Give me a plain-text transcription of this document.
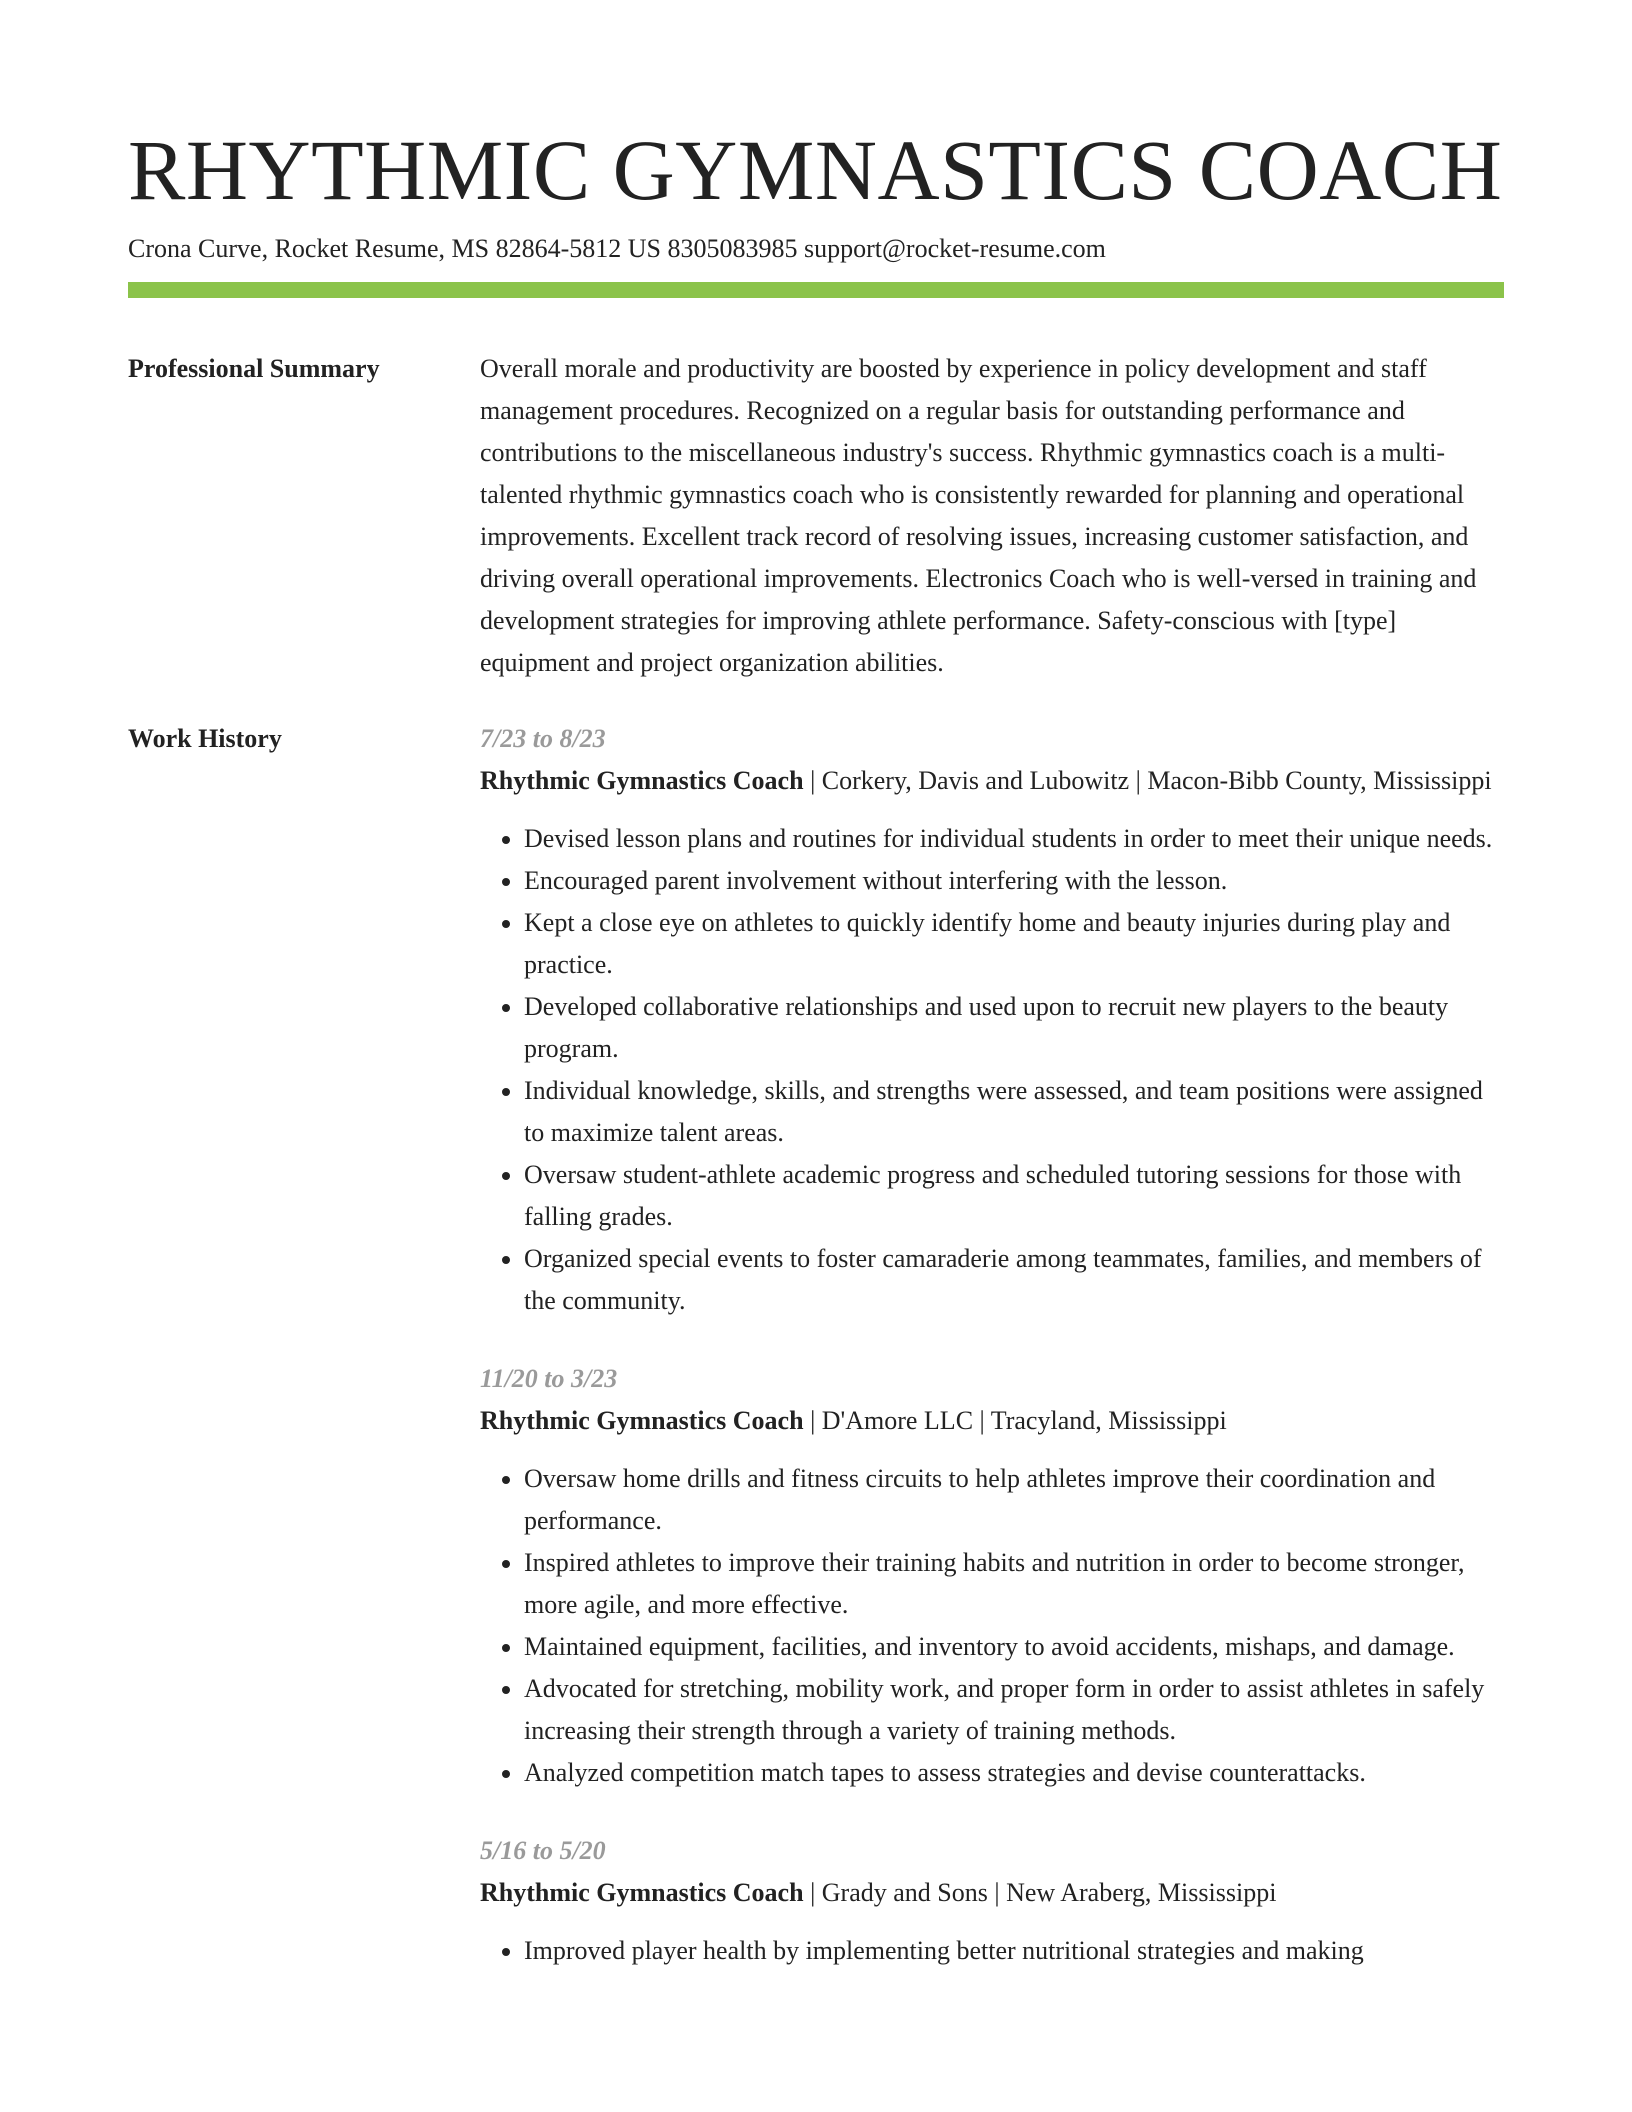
RHYTHMIC GYMNASTICS COACH
Crona Curve, Rocket Resume, MS 82864-5812 US 8305083985 support@rocket-resume.com
Professional Summary	Overall morale and productivity are boosted by experience in policy development and staff management procedures. Recognized on a regular basis for outstanding performance and contributions to the miscellaneous industry's success. Rhythmic gymnastics coach is a multi-talented rhythmic gymnastics coach who is consistently rewarded for planning and operational improvements. Excellent track record of resolving issues, increasing customer satisfaction, and driving overall operational improvements. Electronics Coach who is well-versed in training and development strategies for improving athlete performance. Safety-conscious with [type] equipment and project organization abilities.

Work History	7/23 to 8/23
Rhythmic Gymnastics Coach | Corkery, Davis and Lubowitz | Macon-Bibb County, Mississippi
• Devised lesson plans and routines for individual students in order to meet their unique needs.
• Encouraged parent involvement without interfering with the lesson.
• Kept a close eye on athletes to quickly identify home and beauty injuries during play and practice.
• Developed collaborative relationships and used upon to recruit new players to the beauty program.
• Individual knowledge, skills, and strengths were assessed, and team positions were assigned to maximize talent areas.
• Oversaw student-athlete academic progress and scheduled tutoring sessions for those with falling grades.
• Organized special events to foster camaraderie among teammates, families, and members of the community.
11/20 to 3/23
Rhythmic Gymnastics Coach | D'Amore LLC | Tracyland, Mississippi
• Oversaw home drills and fitness circuits to help athletes improve their coordination and performance.
• Inspired athletes to improve their training habits and nutrition in order to become stronger, more agile, and more effective.
• Maintained equipment, facilities, and inventory to avoid accidents, mishaps, and damage.
• Advocated for stretching, mobility work, and proper form in order to assist athletes in safely increasing their strength through a variety of training methods.
• Analyzed competition match tapes to assess strategies and devise counterattacks.
5/16 to 5/20
Rhythmic Gymnastics Coach | Grady and Sons | New Araberg, Mississippi
• Improved player health by implementing better nutritional strategies and making
